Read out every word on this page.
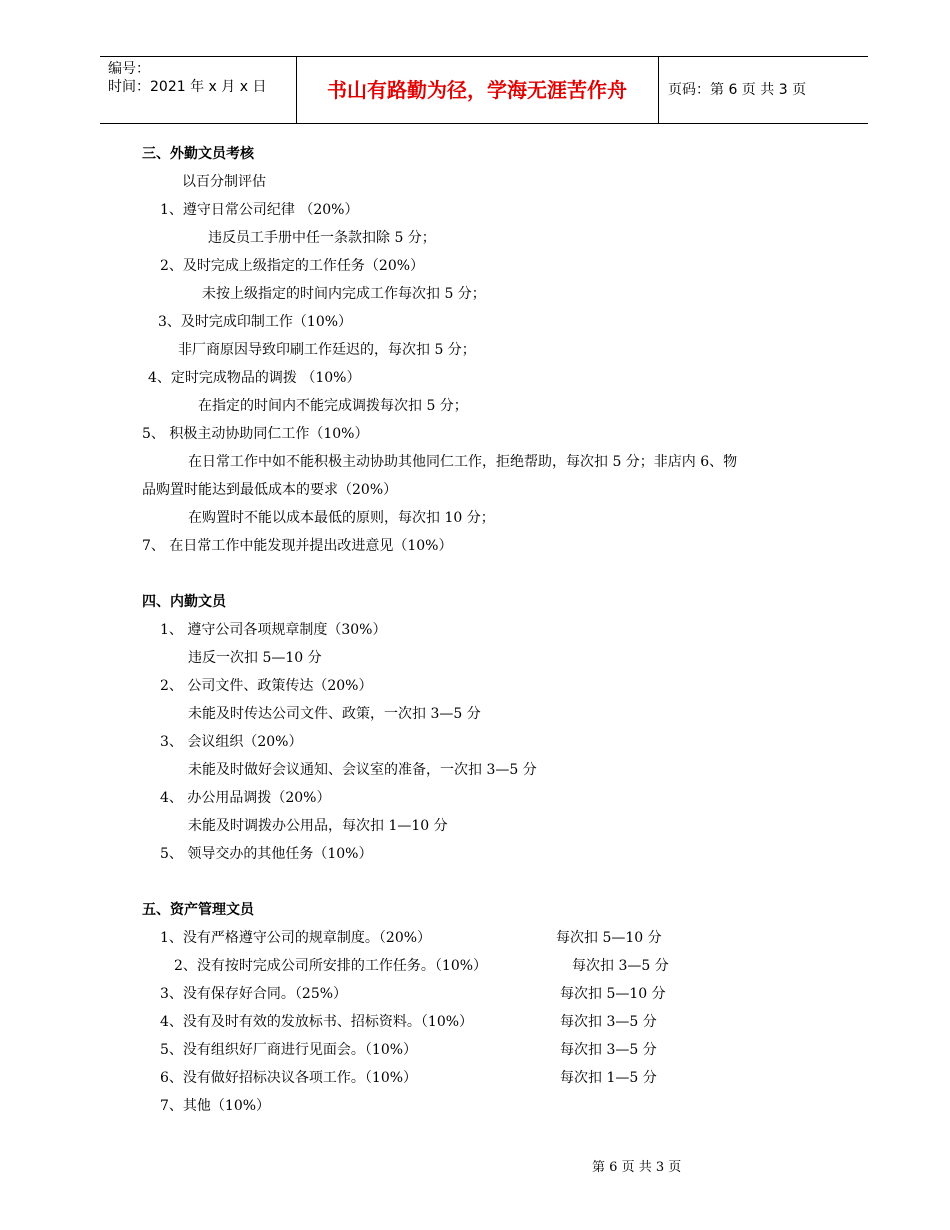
编号：
时间：2021 年 x 月 x 日	书山有路勤为径，学海无涯苦作舟	页码：第 6 页 共 3 页
三、外勤文员考核
以百分制评估
1、遵守日常公司纪律 （20%）
违反员工手册中任一条款扣除 5 分；
2、及时完成上级指定的工作任务（20%）
未按上级指定的时间内完成工作每次扣 5 分；
3、及时完成印制工作（10%）
非厂商原因导致印刷工作廷迟的，每次扣 5 分；
4、定时完成物品的调拨 （10%）
在指定的时间内不能完成调拨每次扣 5 分；
5、 积极主动协助同仁工作（10%）
在日常工作中如不能积极主动协助其他同仁工作，拒绝帮助，每次扣 5 分；非店内 6、物
品购置时能达到最低成本的要求（20%）
在购置时不能以成本最低的原则，每次扣 10 分；
7、 在日常工作中能发现并提出改进意见（10%）
四、内勤文员
1、 遵守公司各项规章制度（30%）
违反一次扣 5—10 分
2、 公司文件、政策传达（20%）
未能及时传达公司文件、政策，一次扣 3—5 分
3、 会议组织（20%）
未能及时做好会议通知、会议室的准备，一次扣 3—5 分
4、 办公用品调拨（20%）
未能及时调拨办公用品，每次扣 1—10 分
5、 领导交办的其他任务（10%）
五、资产管理文员
1、没有严格遵守公司的规章制度。（20%）	每次扣 5—10 分
2、没有按时完成公司所安排的工作任务。（10%）	每次扣 3—5 分
3、没有保存好合同。（25%）	每次扣 5—10 分
4、没有及时有效的发放标书、招标资料。（10%）	每次扣 3—5 分
5、没有组织好厂商进行见面会。（10%）	每次扣 3—5 分
6、没有做好招标决议各项工作。（10%）	每次扣 1—5 分
7、其他（10%）
第 6 页 共 3 页
